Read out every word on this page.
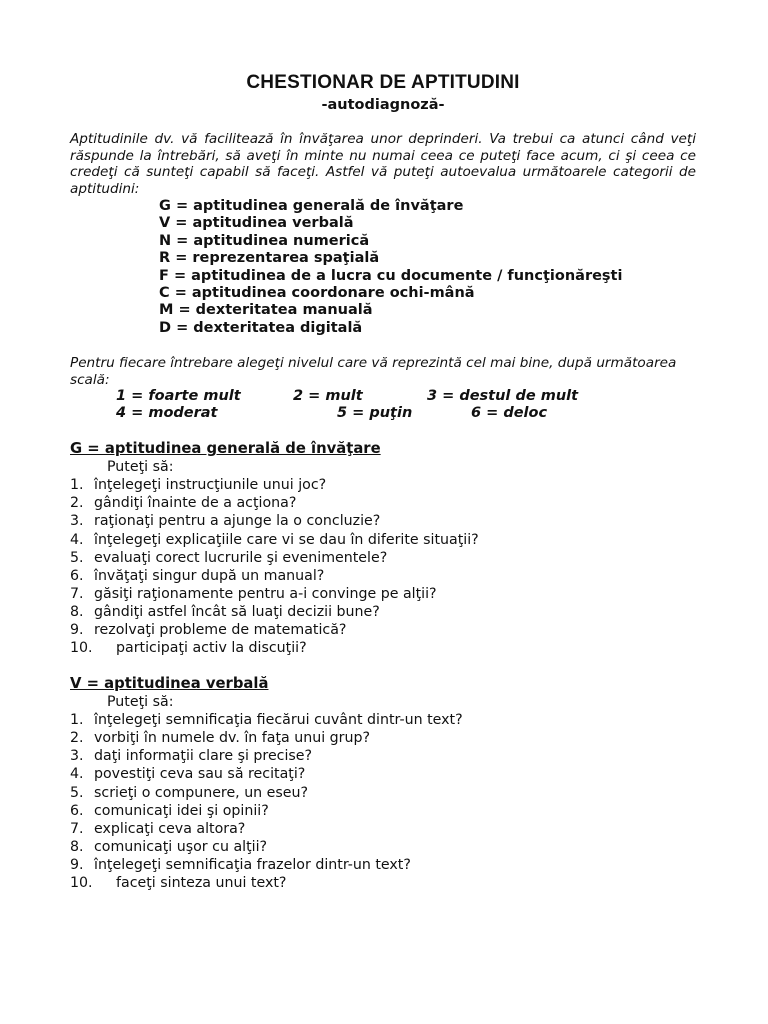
CHESTIONAR DE APTITUDINI
-autodiagnoză-

Aptitudinile dv. vă facilitează în învăţarea unor deprinderi. Va trebui ca atunci când veţi răspunde la întrebări, să aveţi în minte nu numai ceea ce puteţi face acum, ci şi ceea ce credeţi că sunteţi capabil să faceţi. Astfel vă puteţi autoevalua următoarele categorii de aptitudini:

G = aptitudinea generală de învăţare
V = aptitudinea verbală
N = aptitudinea numerică
R = reprezentarea spaţială
F = aptitudinea de a lucra cu documente / funcţionăreşti
C = aptitudinea coordonare ochi-mână
M = dexteritatea manuală
D = dexteritatea digitală

Pentru fiecare întrebare alegeţi nivelul care vă reprezintă cel mai bine, după următoarea scală:

1 = foarte mult	2 = mult	3 = destul de mult
4 = moderat	5 = puţin	6 = deloc
G = aptitudinea generală de învăţare
Puteţi să:
1. înţelegeţi instrucţiunile unui joc?
2. gândiţi înainte de a acţiona?
3. raţionaţi pentru a ajunge la o concluzie?
4. înţelegeţi explicaţiile care vi se dau în diferite situaţii?
5. evaluaţi corect lucrurile şi evenimentele?
6. învăţaţi singur după un manual?
7. găsiţi raţionamente pentru a-i convinge pe alţii?
8. gândiţi astfel încât să luaţi decizii bune?
9. rezolvaţi probleme de matematică?
10. participaţi activ la discuţii?
V = aptitudinea verbală
Puteţi să:
1. înţelegeţi semnificaţia fiecărui cuvânt dintr-un text?
2. vorbiţi în numele dv. în faţa unui grup?
3. daţi informaţii clare şi precise?
4. povestiţi ceva sau să recitaţi?
5. scrieţi o compunere, un eseu?
6. comunicaţi idei şi opinii?
7. explicaţi ceva altora?
8. comunicaţi uşor cu alţii?
9. înţelegeţi semnificaţia frazelor dintr-un text?
10. faceţi sinteza unui text?
